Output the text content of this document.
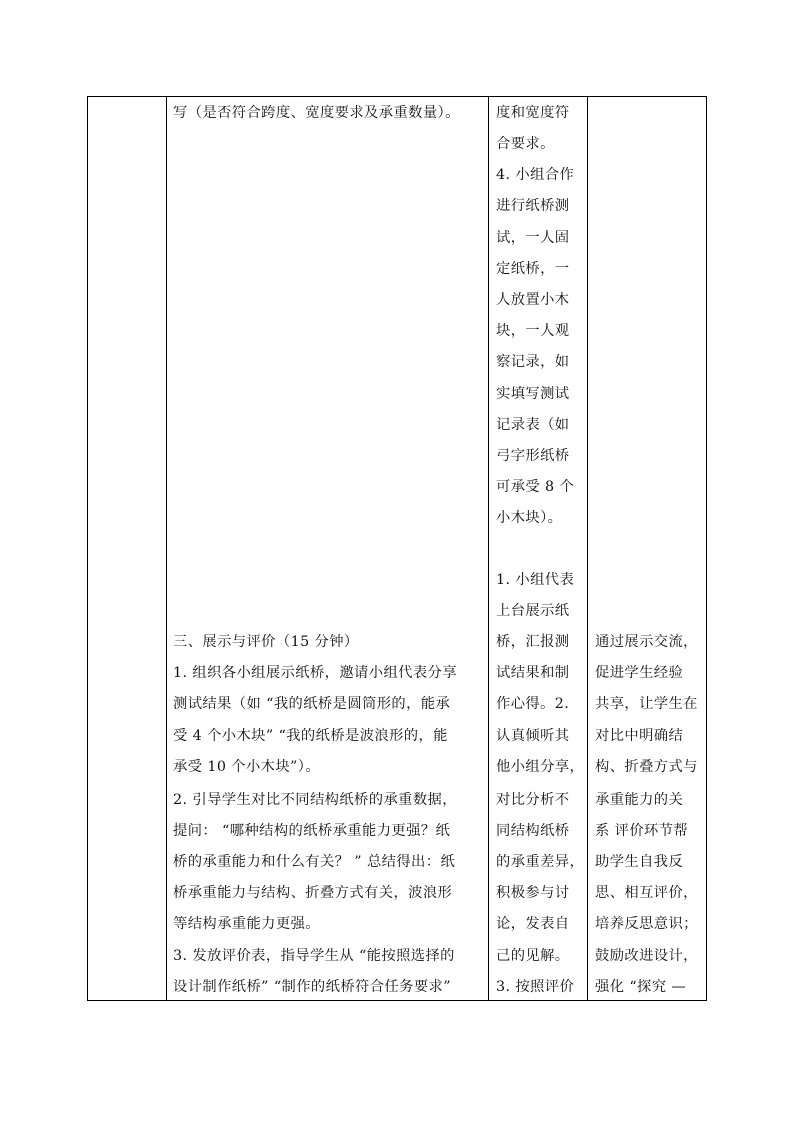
写（是否符合跨度、宽度要求及承重数量）。
三、展示与评价（15 分钟）
1. 组织各小组展示纸桥，邀请小组代表分享
测试结果（如 “我的纸桥是圆筒形的，能承
受 4 个小木块” “我的纸桥是波浪形的，能
承受 10 个小木块”）。
2. 引导学生对比不同结构纸桥的承重数据，
提问： “哪种结构的纸桥承重能力更强？纸
桥的承重能力和什么有关？ ” 总结得出：纸
桥承重能力与结构、折叠方式有关，波浪形
等结构承重能力更强。
3. 发放评价表，指导学生从 “能按照选择的
设计制作纸桥” “制作的纸桥符合任务要求”
度和宽度符
合要求。
4. 小组合作
进行纸桥测
试，一人固
定纸桥，一
人放置小木
块，一人观
察记录，如
实填写测试
记录表（如
弓字形纸桥
可承受 8 个
小木块）。
1. 小组代表
上台展示纸
桥，汇报测
试结果和制
作心得。2.
认真倾听其
他小组分享，
对比分析不
同结构纸桥
的承重差异，
积极参与讨
论，发表自
己的见解。
3. 按照评价
通过展示交流，
促进学生经验
共享，让学生在
对比中明确结
构、折叠方式与
承重能力的关
系 评价环节帮
助学生自我反
思、相互评价，
培养反思意识；
鼓励改进设计，
强化 “探究 —
